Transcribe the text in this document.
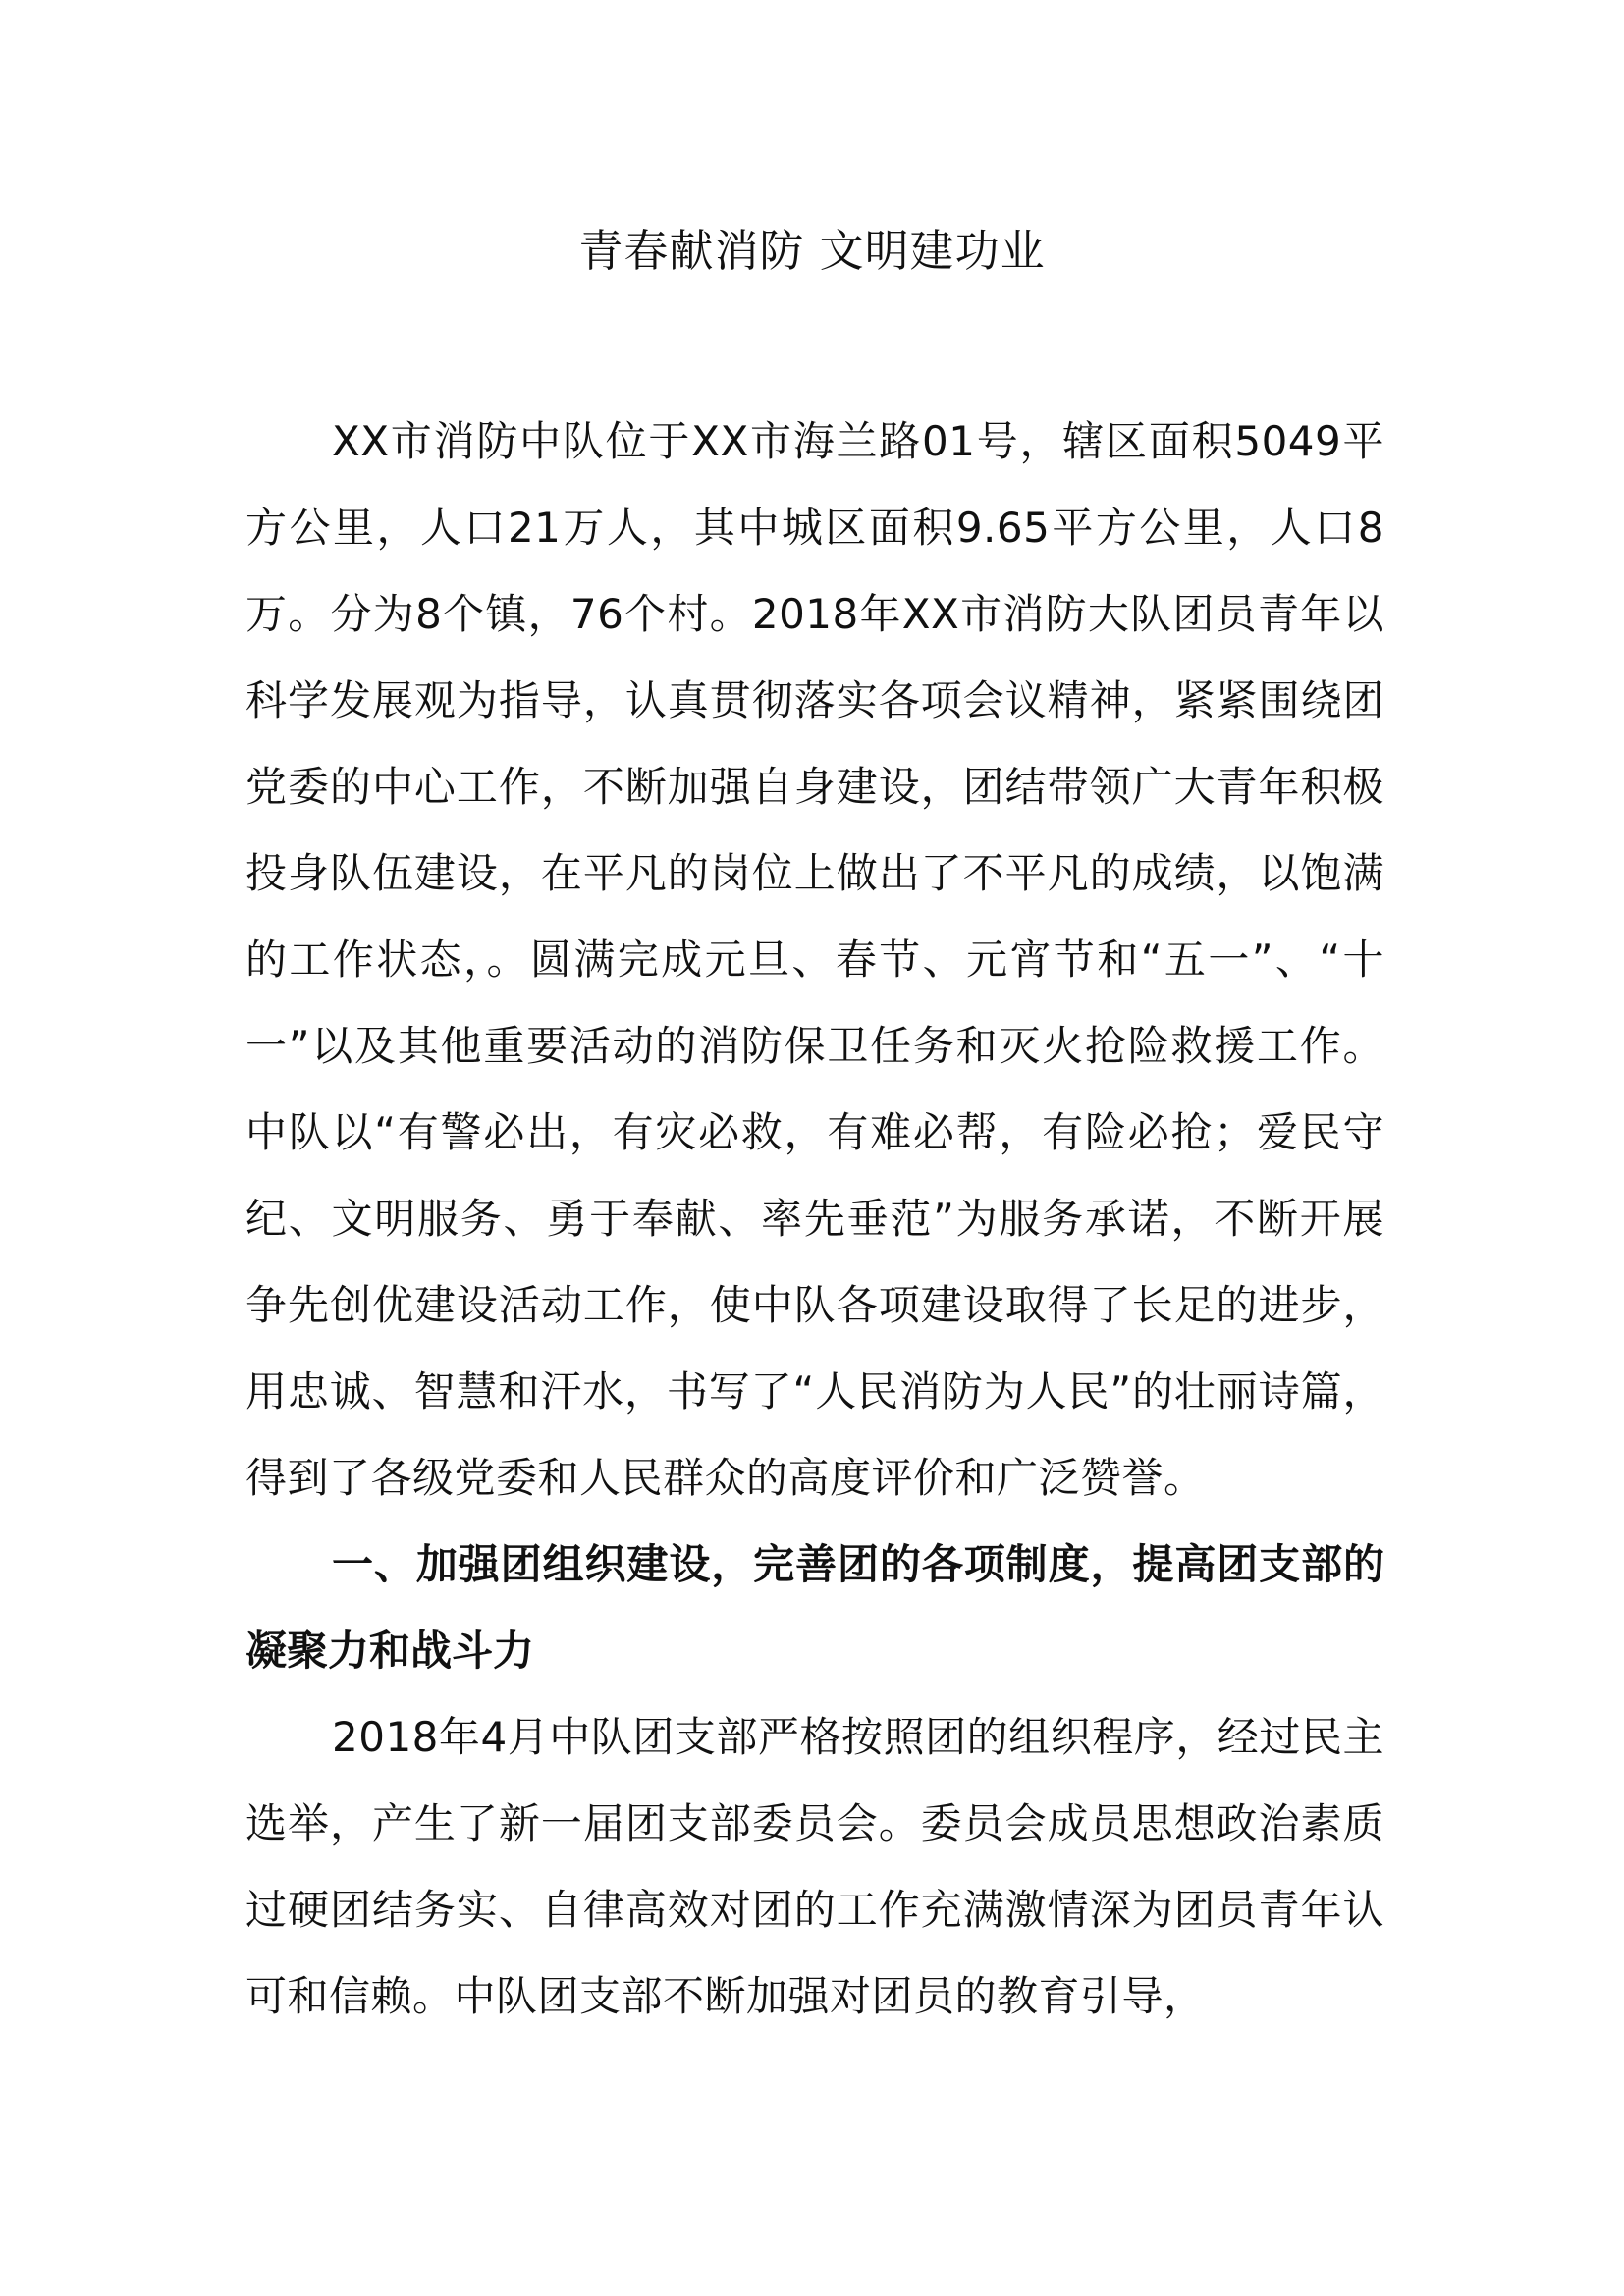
青春献消防 文明建功业

XX市消防中队位于XX市海兰路01号，辖区面积5049平方公里，人口21万人，其中城区面积9.65平方公里，人口8万。分为8个镇，76个村。2018年XX市消防大队团员青年以科学发展观为指导，认真贯彻落实各项会议精神，紧紧围绕团党委的中心工作，不断加强自身建设，团结带领广大青年积极投身队伍建设，在平凡的岗位上做出了不平凡的成绩，以饱满的工作状态，。圆满完成元旦、春节、元宵节和“五一”、“十一”以及其他重要活动的消防保卫任务和灭火抢险救援工作。中队以“有警必出，有灾必救，有难必帮，有险必抢；爱民守纪、文明服务、勇于奉献、率先垂范”为服务承诺，不断开展争先创优建设活动工作，使中队各项建设取得了长足的进步，用忠诚、智慧和汗水，书写了“人民消防为人民”的壮丽诗篇，得到了各级党委和人民群众的高度评价和广泛赞誉。

一、加强团组织建设，完善团的各项制度，提高团支部的凝聚力和战斗力

2018年4月中队团支部严格按照团的组织程序，经过民主选举，产生了新一届团支部委员会。委员会成员思想政治素质过硬团结务实、自律高效对团的工作充满激情深为团员青年认可和信赖。中队团支部不断加强对团员的教育引导，
